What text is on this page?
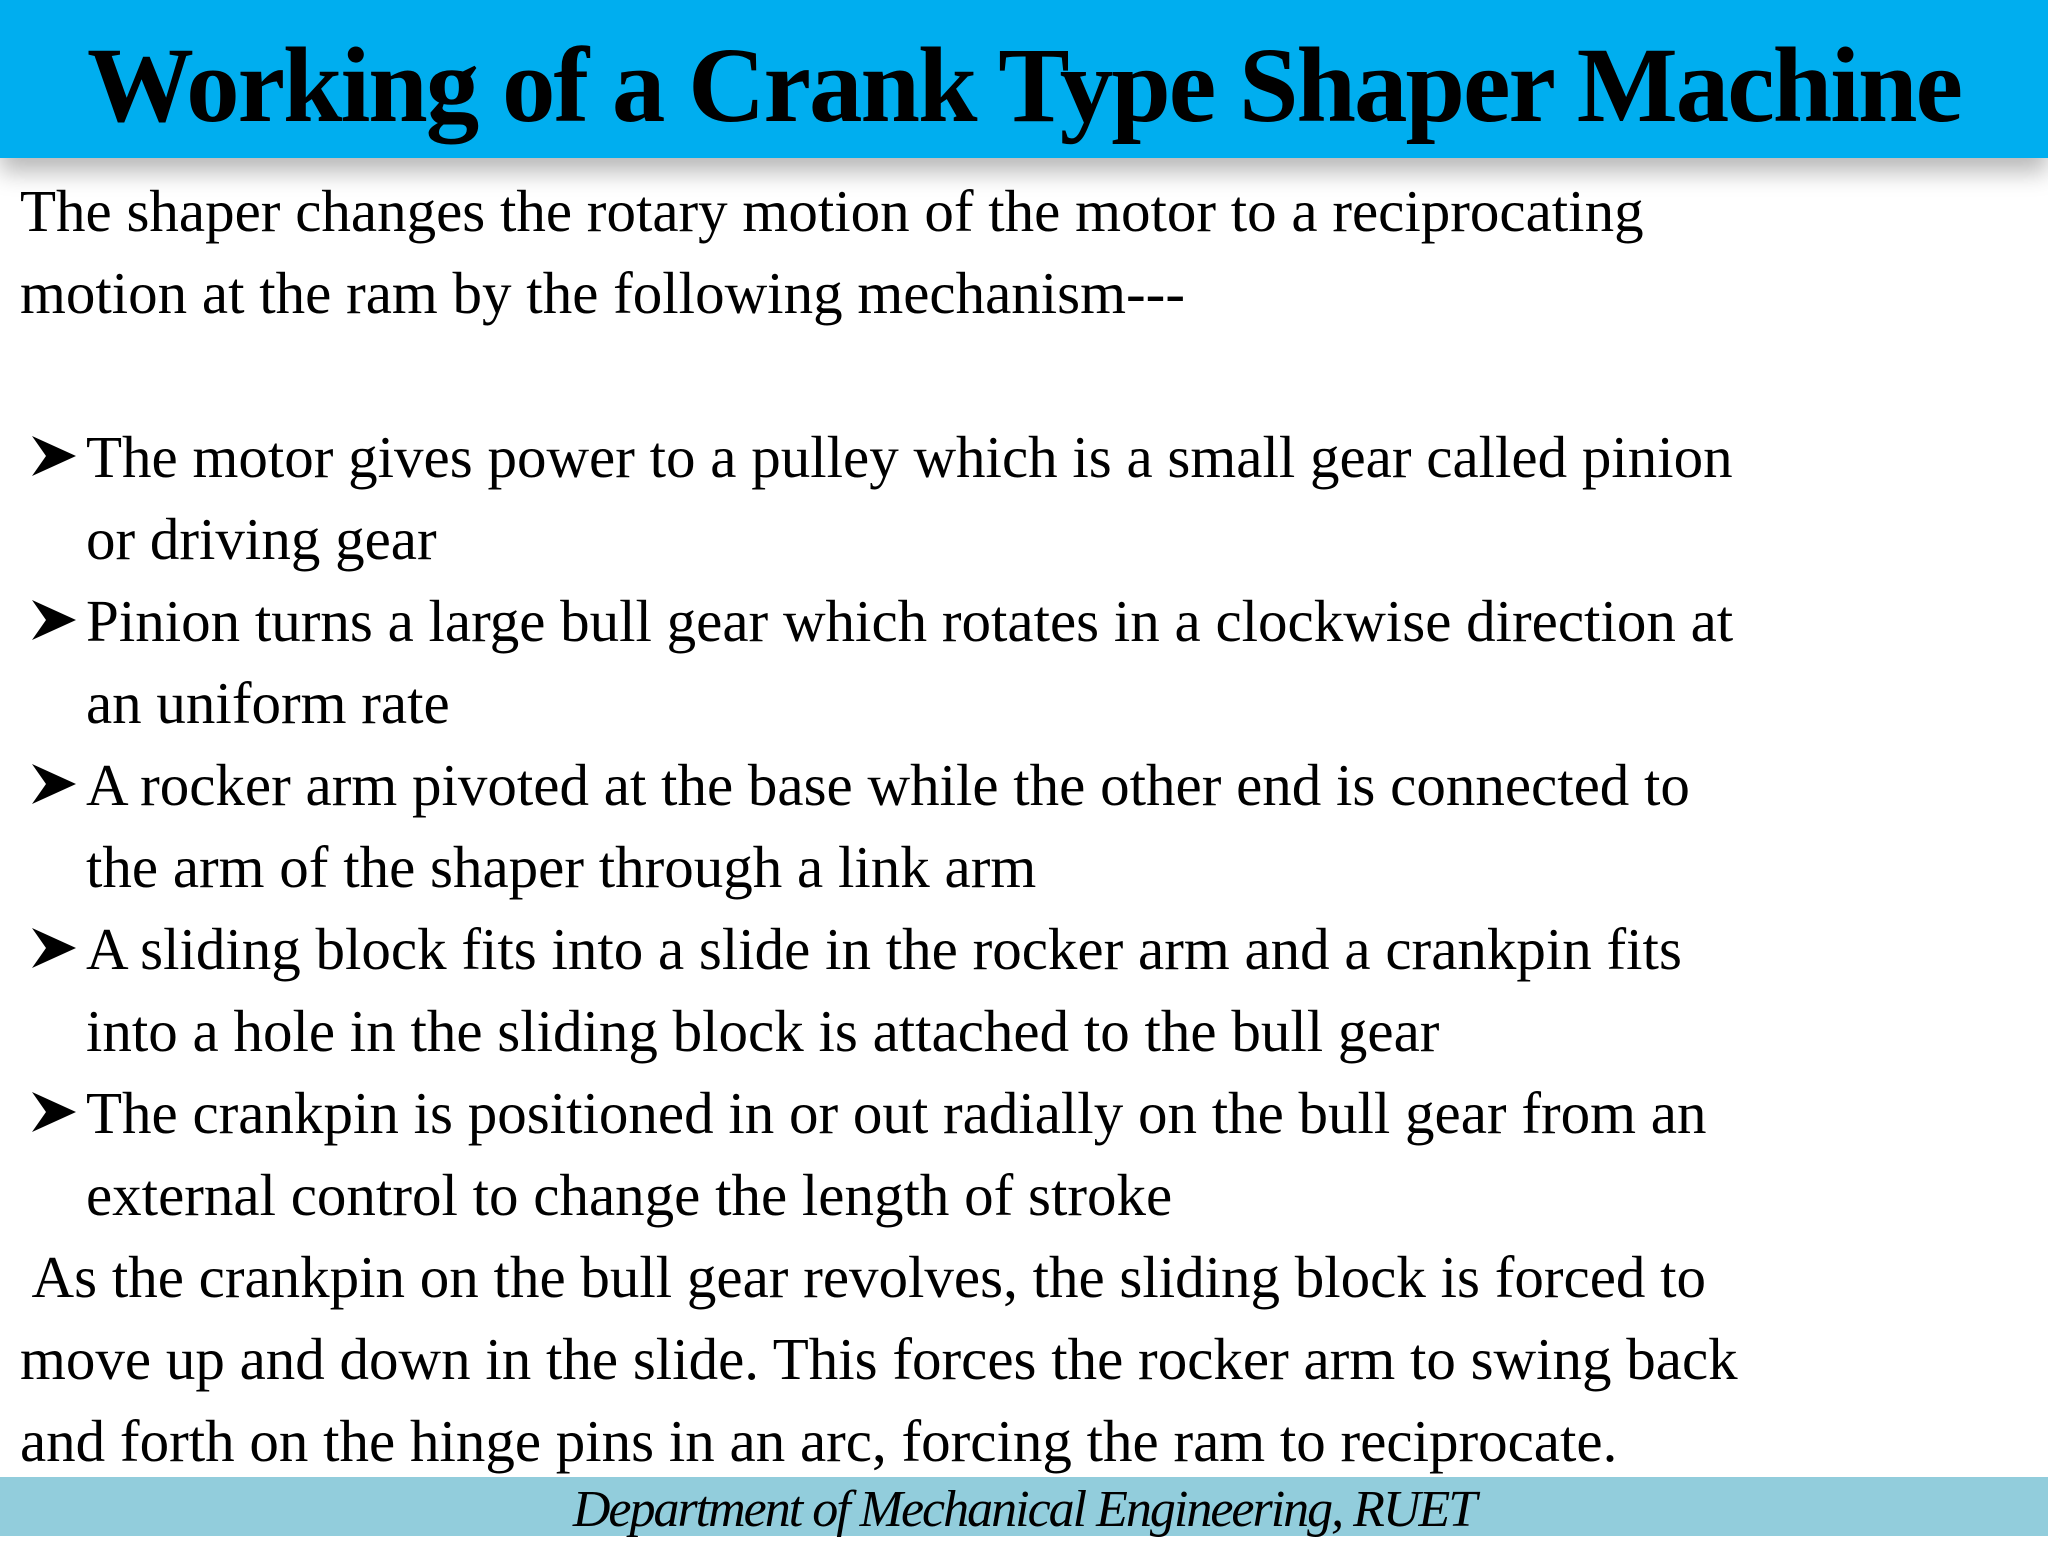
Working of a Crank Type Shaper Machine
The shaper changes the rotary motion of the motor to a reciprocating
motion at the ram by the following mechanism---
The motor gives power to a pulley which is a small gear called pinion
or driving gear
Pinion turns a large bull gear which rotates in a clockwise direction at
an uniform rate
A rocker arm pivoted at the base while the other end is connected to
the arm of the shaper through a link arm
A sliding block fits into a slide in the rocker arm and a crankpin fits
into a hole in the sliding block is attached to the bull gear
The crankpin is positioned in or out radially on the bull gear from an
external control to change the length of stroke
As the crankpin on the bull gear revolves, the sliding block is forced to
move up and down in the slide. This forces the rocker arm to swing back
and forth on the hinge pins in an arc, forcing the ram to reciprocate.
Department of Mechanical Engineering, RUET
